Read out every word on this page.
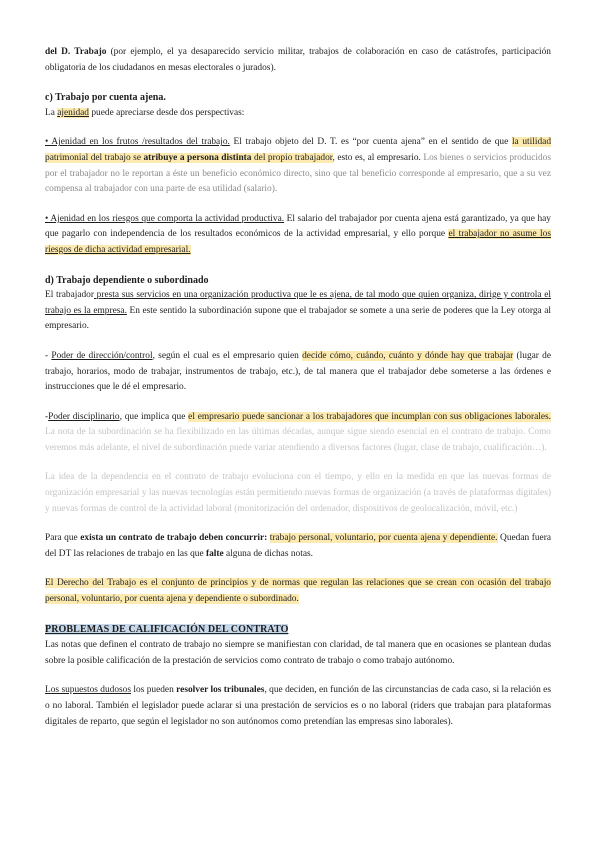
del D. Trabajo (por ejemplo, el ya desaparecido servicio militar, trabajos de colaboración en caso de catástrofes, participación obligatoria de los ciudadanos en mesas electorales o jurados).

c) Trabajo por cuenta ajena.

La ajenidad puede apreciarse desde dos perspectivas:

• Ajenidad en los frutos /resultados del trabajo. El trabajo objeto del D. T. es “por cuenta ajena” en el sentido de que la utilidad patrimonial del trabajo se atribuye a persona distinta del propio trabajador, esto es, al empresario. Los bienes o servicios producidos por el trabajador no le reportan a éste un beneficio económico directo, sino que tal beneficio corresponde al empresario, que a su vez compensa al trabajador con una parte de esa utilidad (salario).

• Ajenidad en los riesgos que comporta la actividad productiva. El salario del trabajador por cuenta ajena está garantizado, ya que hay que pagarlo con independencia de los resultados económicos de la actividad empresarial, y ello porque el trabajador no asume los riesgos de dicha actividad empresarial.

d) Trabajo dependiente o subordinado

El trabajador presta sus servicios en una organización productiva que le es ajena, de tal modo que quien organiza, dirige y controla el trabajo es la empresa. En este sentido la subordinación supone que el trabajador se somete a una serie de poderes que la Ley otorga al empresario.

- Poder de dirección/control, según el cual es el empresario quien decide cómo, cuándo, cuánto y dónde hay que trabajar (lugar de trabajo, horarios, modo de trabajar, instrumentos de trabajo, etc.), de tal manera que el trabajador debe someterse a las órdenes e instrucciones que le dé el empresario.

-Poder disciplinario, que implica que el empresario puede sancionar a los trabajadores que incumplan con sus obligaciones laborales. La nota de la subordinación se ha flexibilizado en las últimas décadas, aunque sigue siendo esencial en el contrato de trabajo. Como veremos más adelante, el nivel de subordinación puede variar atendiendo a diversos factores (lugar, clase de trabajo, cualificación…).

La idea de la dependencia en el contrato de trabajo evoluciona con el tiempo, y ello en la medida en que las nuevas formas de organización empresarial y las nuevas tecnologías están permitiendo nuevas formas de organización (a través de plataformas digitales) y nuevas formas de control de la actividad laboral (monitorización del ordenador, dispositivos de geolocalización, móvil, etc.)

Para que exista un contrato de trabajo deben concurrir: trabajo personal, voluntario, por cuenta ajena y dependiente. Quedan fuera del DT las relaciones de trabajo en las que falte alguna de dichas notas.

El Derecho del Trabajo es el conjunto de principios y de normas que regulan las relaciones que se crean con ocasión del trabajo personal, voluntario, por cuenta ajena y dependiente o subordinado.

PROBLEMAS DE CALIFICACIÓN DEL CONTRATO

Las notas que definen el contrato de trabajo no siempre se manifiestan con claridad, de tal manera que en ocasiones se plantean dudas sobre la posible calificación de la prestación de servicios como contrato de trabajo o como trabajo autónomo.

Los supuestos dudosos los pueden resolver los tribunales, que deciden, en función de las circunstancias de cada caso, si la relación es o no laboral. También el legislador puede aclarar si una prestación de servicios es o no laboral (riders que trabajan para plataformas digitales de reparto, que según el legislador no son autónomos como pretendían las empresas sino laborales).
